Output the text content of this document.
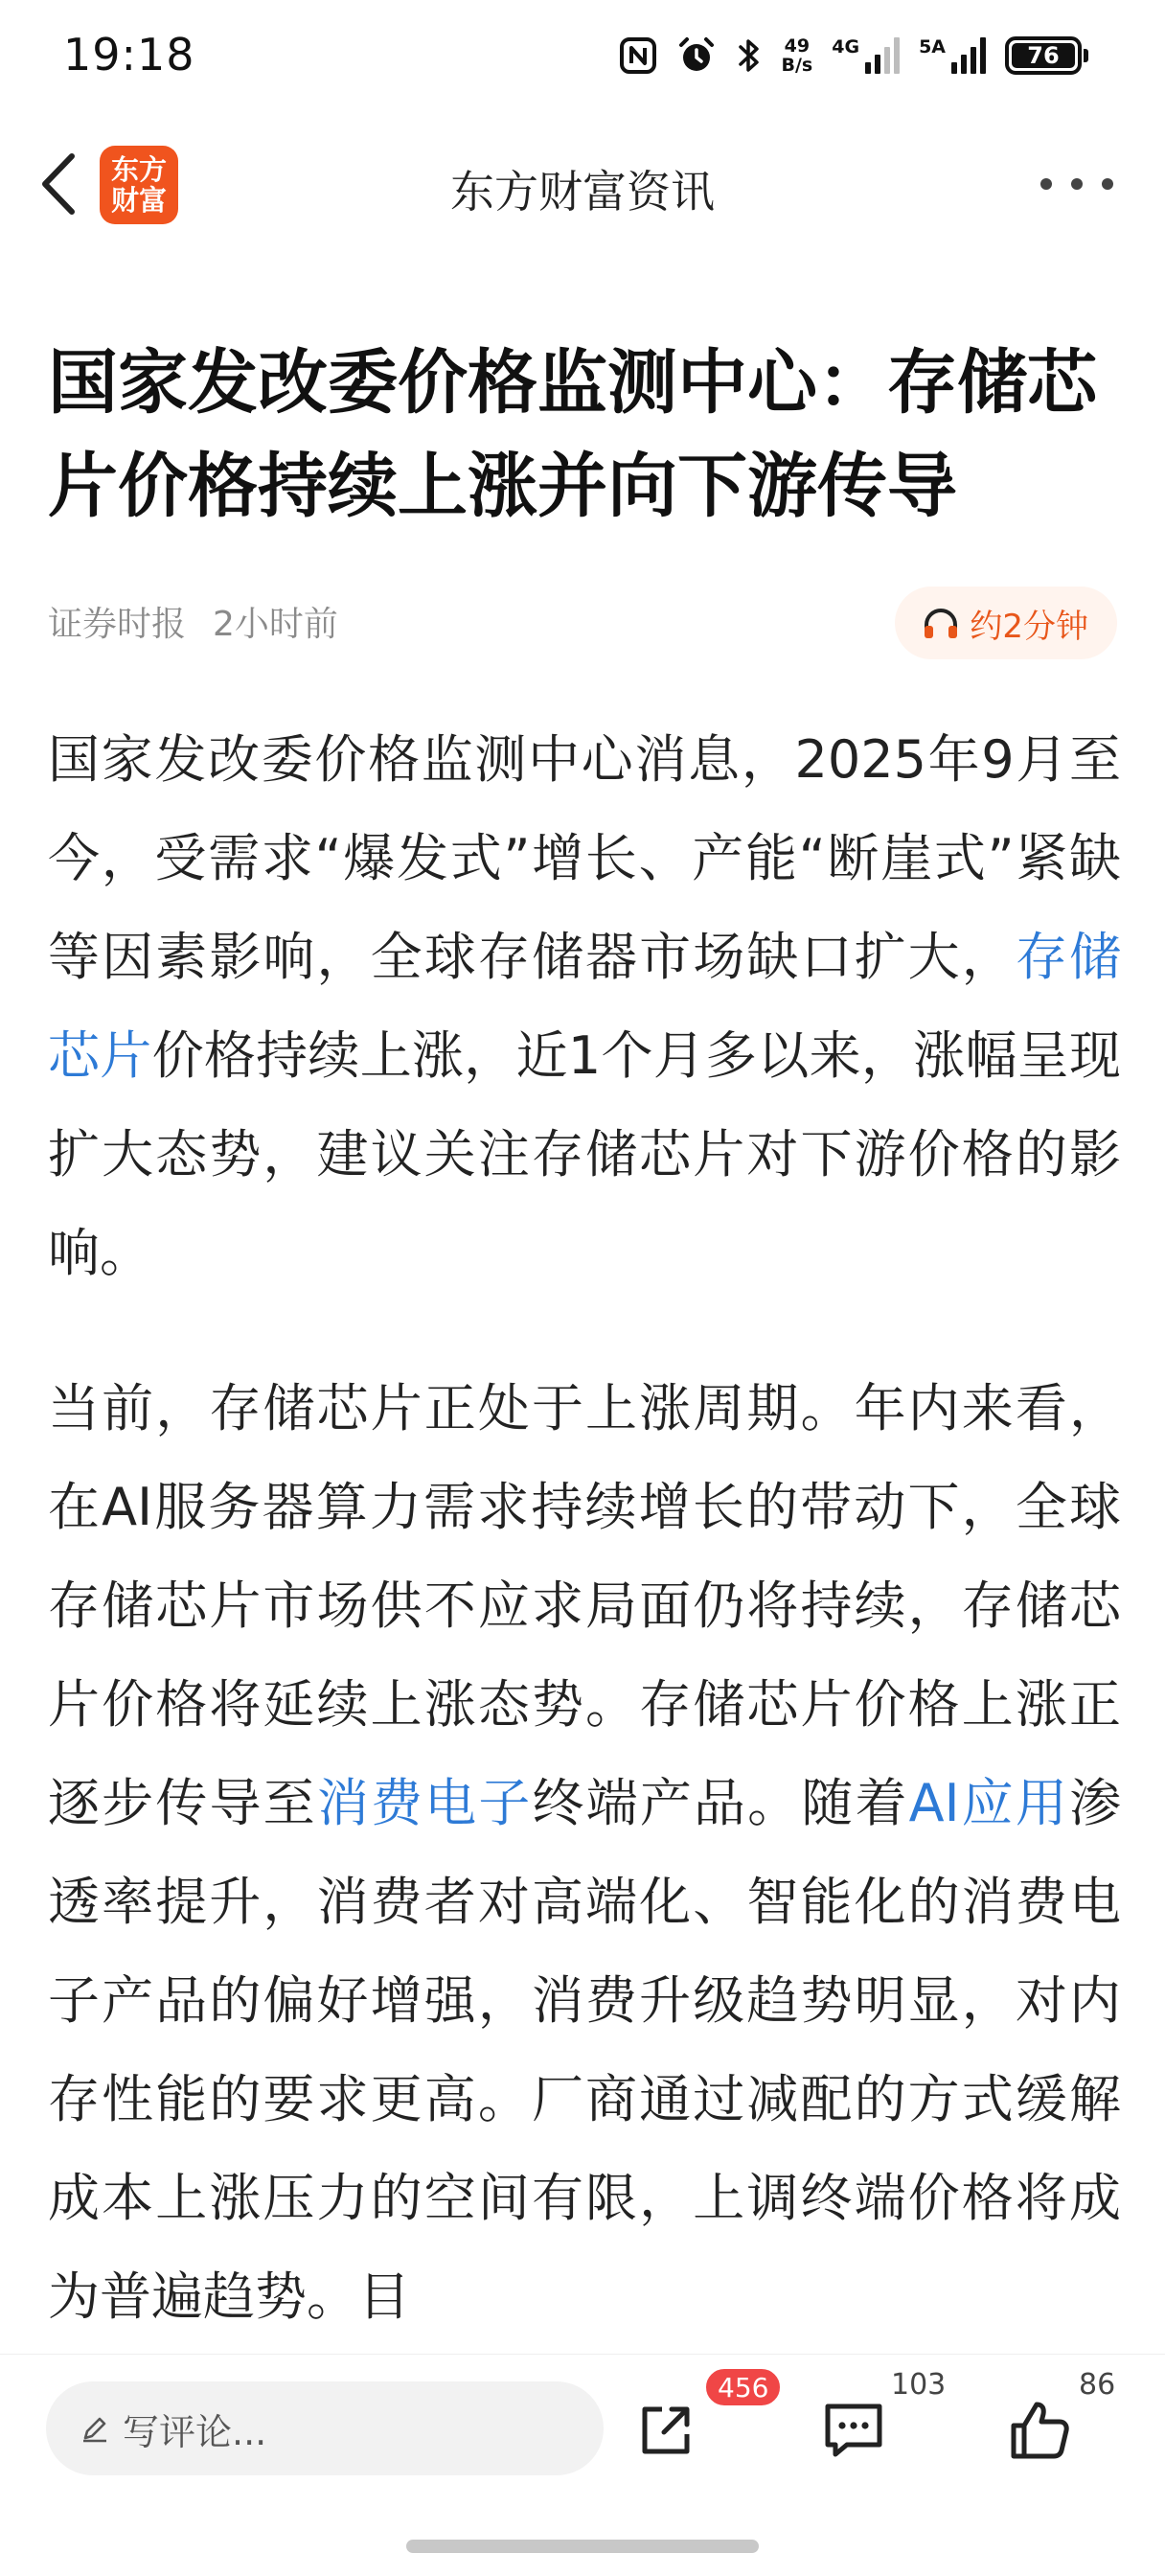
19:18	49
B/s
4G	5A	76
东方
财富	东方财富资讯
国家发改委价格监测中心：存储芯片价格持续上涨并向下游传导
证券时报 2小时前	约2分钟

国家发改委价格监测中心消息，2025年9月至今，受需求“爆发式”增长、产能“断崖式”紧缺等因素影响，全球存储器市场缺口扩大，存储芯片价格持续上涨，近1个月多以来，涨幅呈现扩大态势，建议关注存储芯片对下游价格的影响。

当前，存储芯片正处于上涨周期。年内来看，在AI服务器算力需求持续增长的带动下，全球存储芯片市场供不应求局面仍将持续，存储芯片价格将延续上涨态势。存储芯片价格上涨正逐步传导至消费电子终端产品。随着AI应用渗透率提升，消费者对高端化、智能化的消费电子产品的偏好增强，消费升级趋势明显，对内存性能的要求更高。厂商通过减配的方式缓解成本上涨压力的空间有限，上调终端价格将成为普遍趋势。目

写评论...
456	103	86
